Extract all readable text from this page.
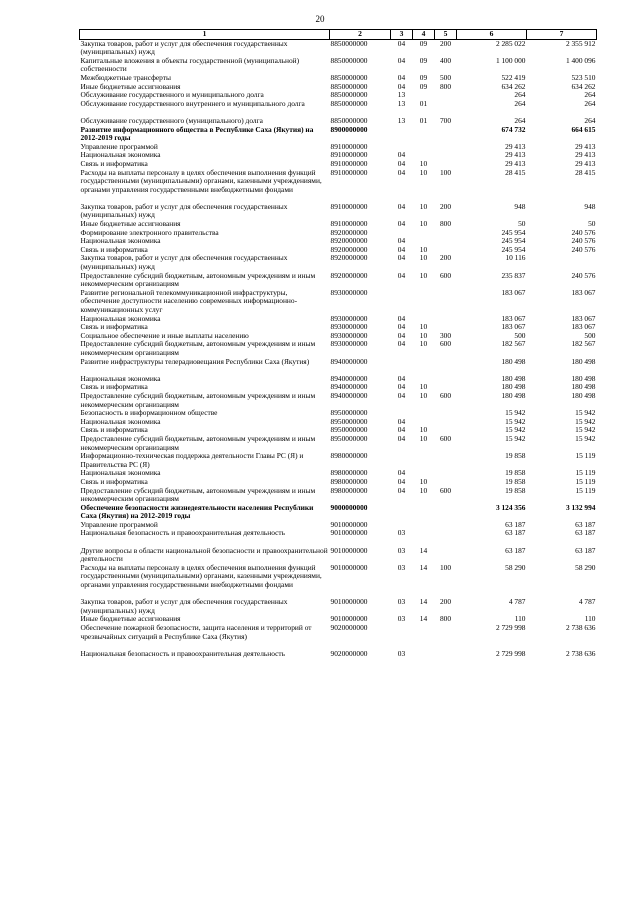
20
1	2	3	4	5	6	7
Закупка товаров, работ и услуг для обеспечения государственных (муниципальных) нужд	8850000000	04	09	200	2 285 022	2 355 912
Капитальные вложения в объекты государственной (муниципальной) собственности	8850000000	04	09	400	1 100 000	1 400 096
Межбюджетные трансферты	8850000000	04	09	500	522 419	523 510
Иные бюджетные ассигнования	8850000000	04	09	800	634 262	634 262
Обслуживание государственного и муниципального долга	8850000000	13			264	264
Обслуживание государственного внутреннего и муниципального долга	8850000000	13	01		264	264
Обслуживание государственного (муниципального) долга	8850000000	13	01	700	264	264
Развитие информационного общества в Республике Саха (Якутия) на 2012-2019 годы	8900000000				674 732	664 615
Управление программой	8910000000				29 413	29 413
Национальная экономика	8910000000	04			29 413	29 413
Связь и информатика	8910000000	04	10		29 413	29 413
Расходы на выплаты персоналу в целях обеспечения выполнения функций государственными (муниципальными) органами, казенными учреждениями, органами управления государственными внебюджетными фондами	8910000000	04	10	100	28 415	28 415
Закупка товаров, работ и услуг для обеспечения государственных (муниципальных) нужд	8910000000	04	10	200	948	948
Иные бюджетные ассигнования	8910000000	04	10	800	50	50
Формирование электронного правительства	8920000000				245 954	240 576
Национальная экономика	8920000000	04			245 954	240 576
Связь и информатика	8920000000	04	10		245 954	240 576
Закупка товаров, работ и услуг для обеспечения государственных (муниципальных) нужд	8920000000	04	10	200	10 116	
Предоставление субсидий бюджетным, автономным учреждениям и иным некоммерческим организациям	8920000000	04	10	600	235 837	240 576
Развитие региональной телекоммуникационной инфраструктуры, обеспечение доступности населению современных информационно-коммуникационных услуг	8930000000				183 067	183 067
Национальная экономика	8930000000	04			183 067	183 067
Связь и информатика	8930000000	04	10		183 067	183 067
Социальное обеспечение и иные выплаты населению	8930000000	04	10	300	500	500
Предоставление субсидий бюджетным, автономным учреждениям и иным некоммерческим организациям	8930000000	04	10	600	182 567	182 567
Развитие инфраструктуры телерадиовещания Республики Саха (Якутия)	8940000000				180 498	180 498
Национальная экономика	8940000000	04			180 498	180 498
Связь и информатика	8940000000	04	10		180 498	180 498
Предоставление субсидий бюджетным, автономным учреждениям и иным некоммерческим организациям	8940000000	04	10	600	180 498	180 498
Безопасность в информационном обществе	8950000000				15 942	15 942
Национальная экономика	8950000000	04			15 942	15 942
Связь и информатика	8950000000	04	10		15 942	15 942
Предоставление субсидий бюджетным, автономным учреждениям и иным некоммерческим организациям	8950000000	04	10	600	15 942	15 942
Информационно-техническая поддержка деятельности Главы РС (Я) и Правительства РС (Я)	8980000000				19 858	15 119
Национальная экономика	8980000000	04			19 858	15 119
Связь и информатика	8980000000	04	10		19 858	15 119
Предоставление субсидий бюджетным, автономным учреждениям и иным некоммерческим организациям	8980000000	04	10	600	19 858	15 119
Обеспечение безопасности жизнедеятельности населения Республики Саха (Якутия) на 2012-2019 годы	9000000000				3 124 356	3 132 994
Управление программой	9010000000				63 187	63 187
Национальная безопасность и правоохранительная деятельность	9010000000	03			63 187	63 187
Другие вопросы в области национальной безопасности и правоохранительной деятельности	9010000000	03	14		63 187	63 187
Расходы на выплаты персоналу в целях обеспечения выполнения функций государственными (муниципальными) органами, казенными учреждениями, органами управления государственными внебюджетными фондами	9010000000	03	14	100	58 290	58 290
Закупка товаров, работ и услуг для обеспечения государственных (муниципальных) нужд	9010000000	03	14	200	4 787	4 787
Иные бюджетные ассигнования	9010000000	03	14	800	110	110
Обеспечение пожарной безопасности, защита населения и территорий от чрезвычайных ситуаций в Республике Саха (Якутия)	9020000000				2 729 998	2 738 636
Национальная безопасность и правоохранительная деятельность	9020000000	03			2 729 998	2 738 636
